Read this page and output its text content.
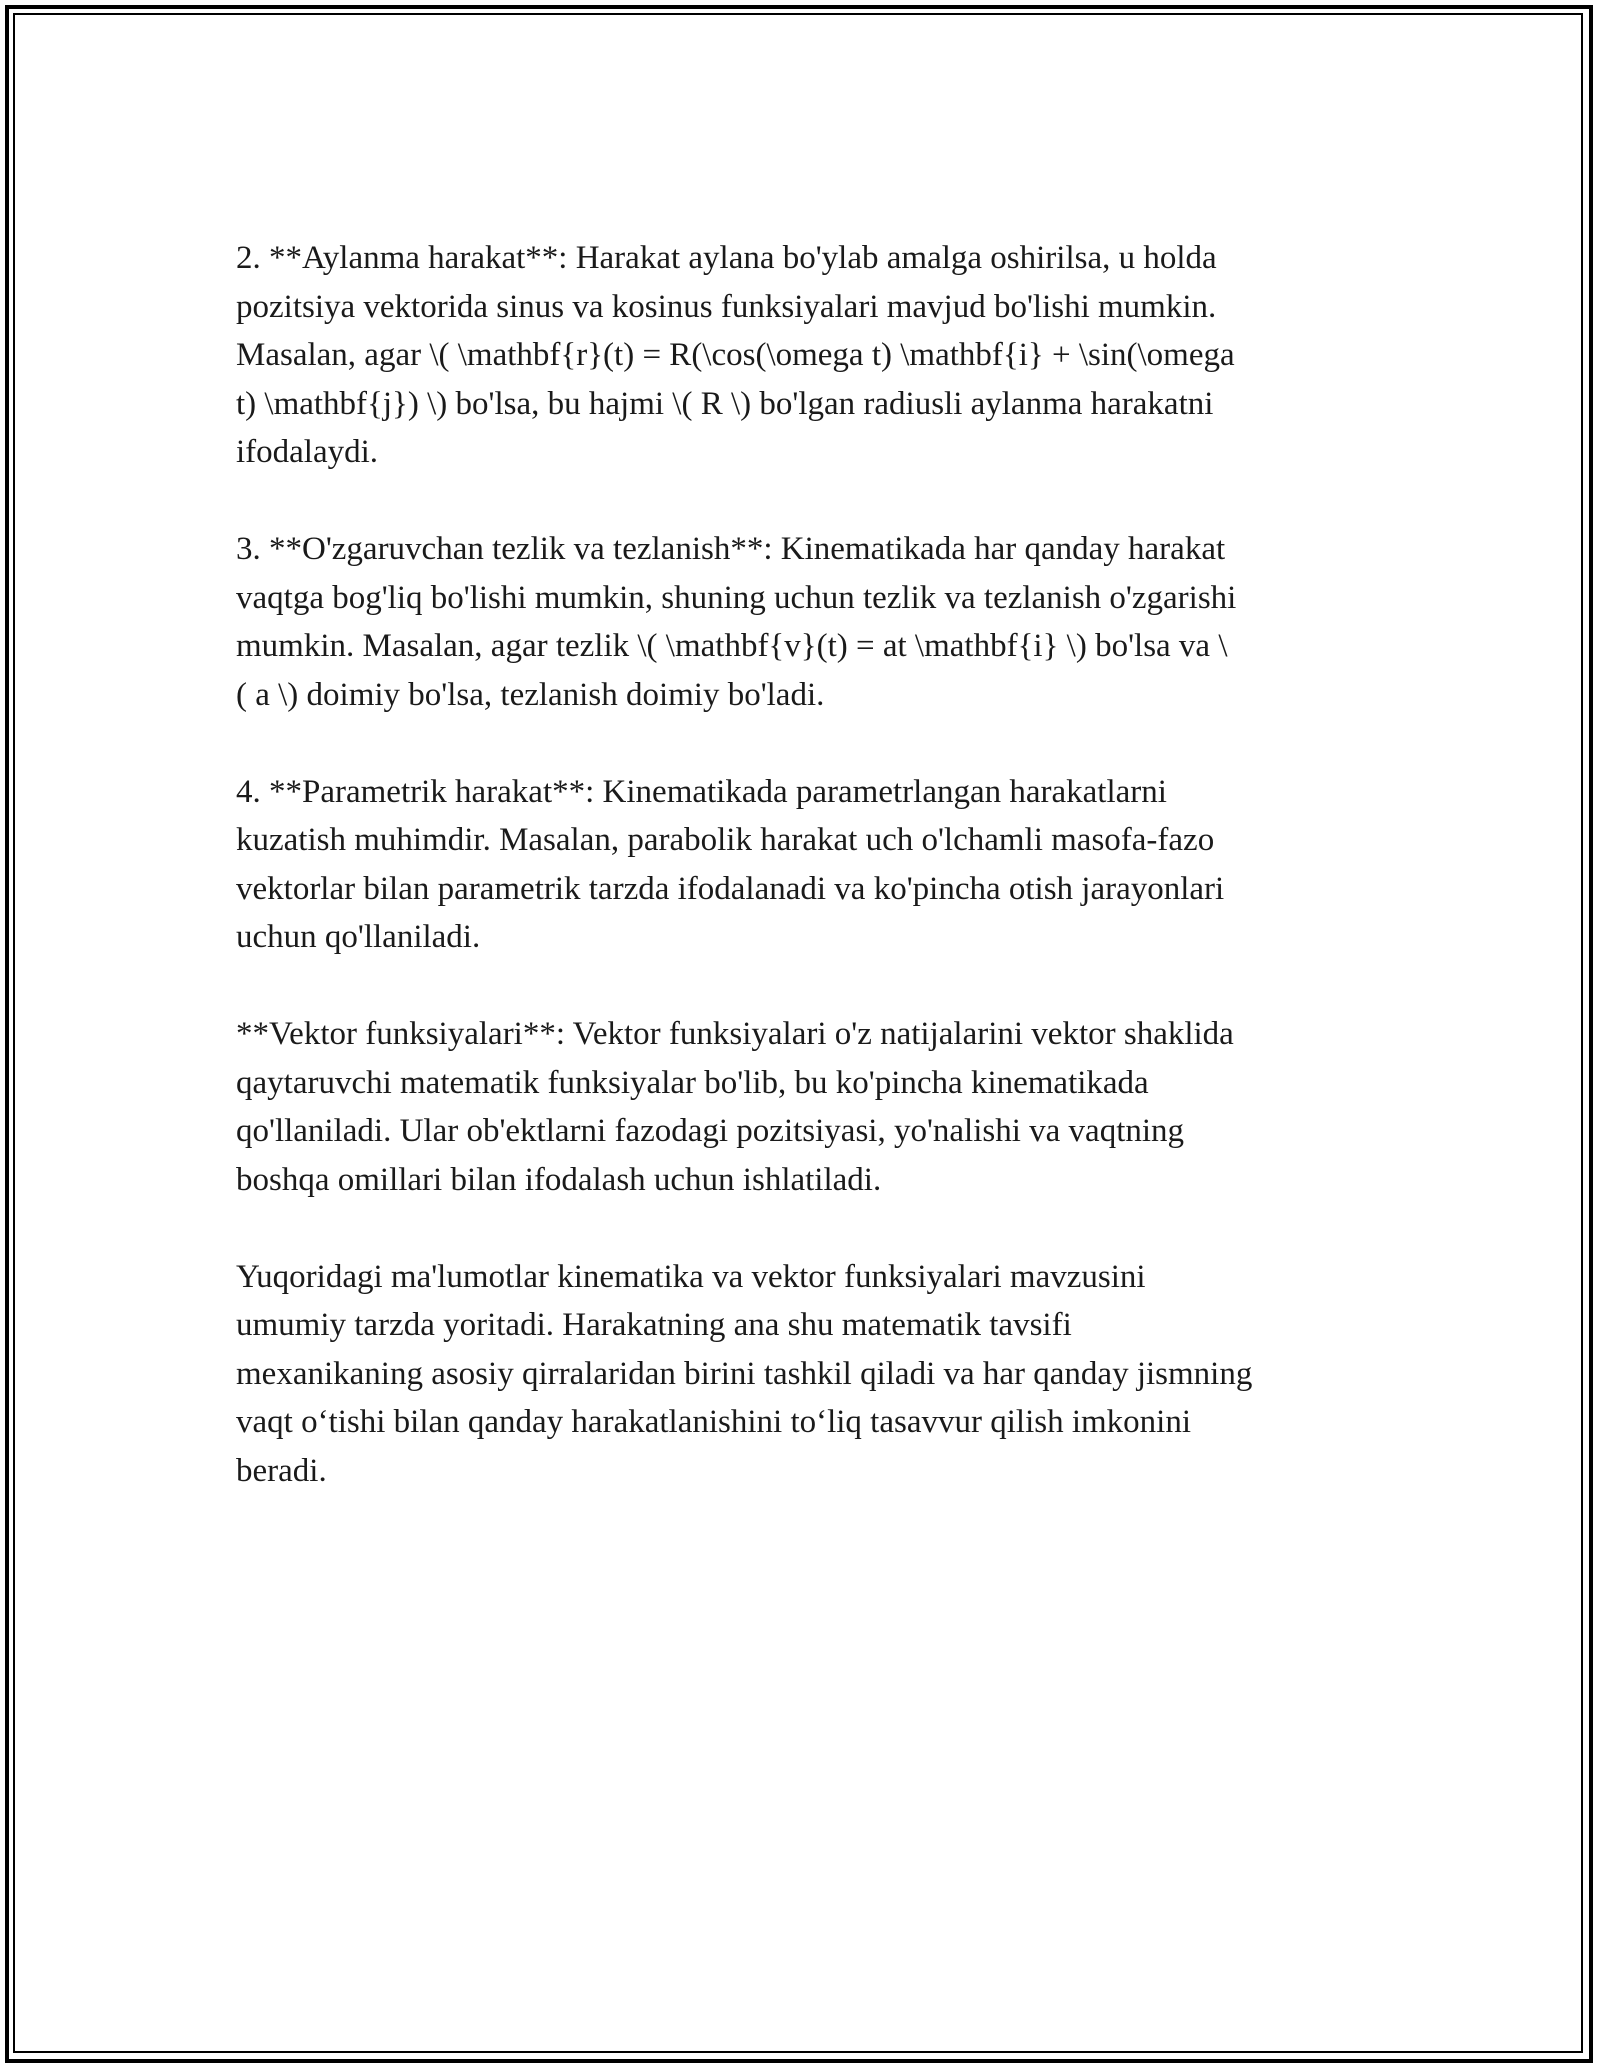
2. **Aylanma harakat**: Harakat aylana bo'ylab amalga oshirilsa, u holda
pozitsiya vektorida sinus va kosinus funksiyalari mavjud bo'lishi mumkin.
Masalan, agar \( \mathbf{r}(t) = R(\cos(\omega t) \mathbf{i} + \sin(\omega
t) \mathbf{j}) \) bo'lsa, bu hajmi \( R \) bo'lgan radiusli aylanma harakatni
ifodalaydi.

3. **O'zgaruvchan tezlik va tezlanish**: Kinematikada har qanday harakat
vaqtga bog'liq bo'lishi mumkin, shuning uchun tezlik va tezlanish o'zgarishi
mumkin. Masalan, agar tezlik \( \mathbf{v}(t) = at \mathbf{i} \) bo'lsa va \
( a \) doimiy bo'lsa, tezlanish doimiy bo'ladi.

4. **Parametrik harakat**: Kinematikada parametrlangan harakatlarni
kuzatish muhimdir. Masalan, parabolik harakat uch o'lchamli masofa-fazo
vektorlar bilan parametrik tarzda ifodalanadi va ko'pincha otish jarayonlari
uchun qo'llaniladi.

**Vektor funksiyalari**: Vektor funksiyalari o'z natijalarini vektor shaklida
qaytaruvchi matematik funksiyalar bo'lib, bu ko'pincha kinematikada
qo'llaniladi. Ular ob'ektlarni fazodagi pozitsiyasi, yo'nalishi va vaqtning
boshqa omillari bilan ifodalash uchun ishlatiladi.

Yuqoridagi ma'lumotlar kinematika va vektor funksiyalari mavzusini
umumiy tarzda yoritadi. Harakatning ana shu matematik tavsifi
mexanikaning asosiy qirralaridan birini tashkil qiladi va har qanday jismning
vaqt o‘tishi bilan qanday harakatlanishini to‘liq tasavvur qilish imkonini
beradi.
